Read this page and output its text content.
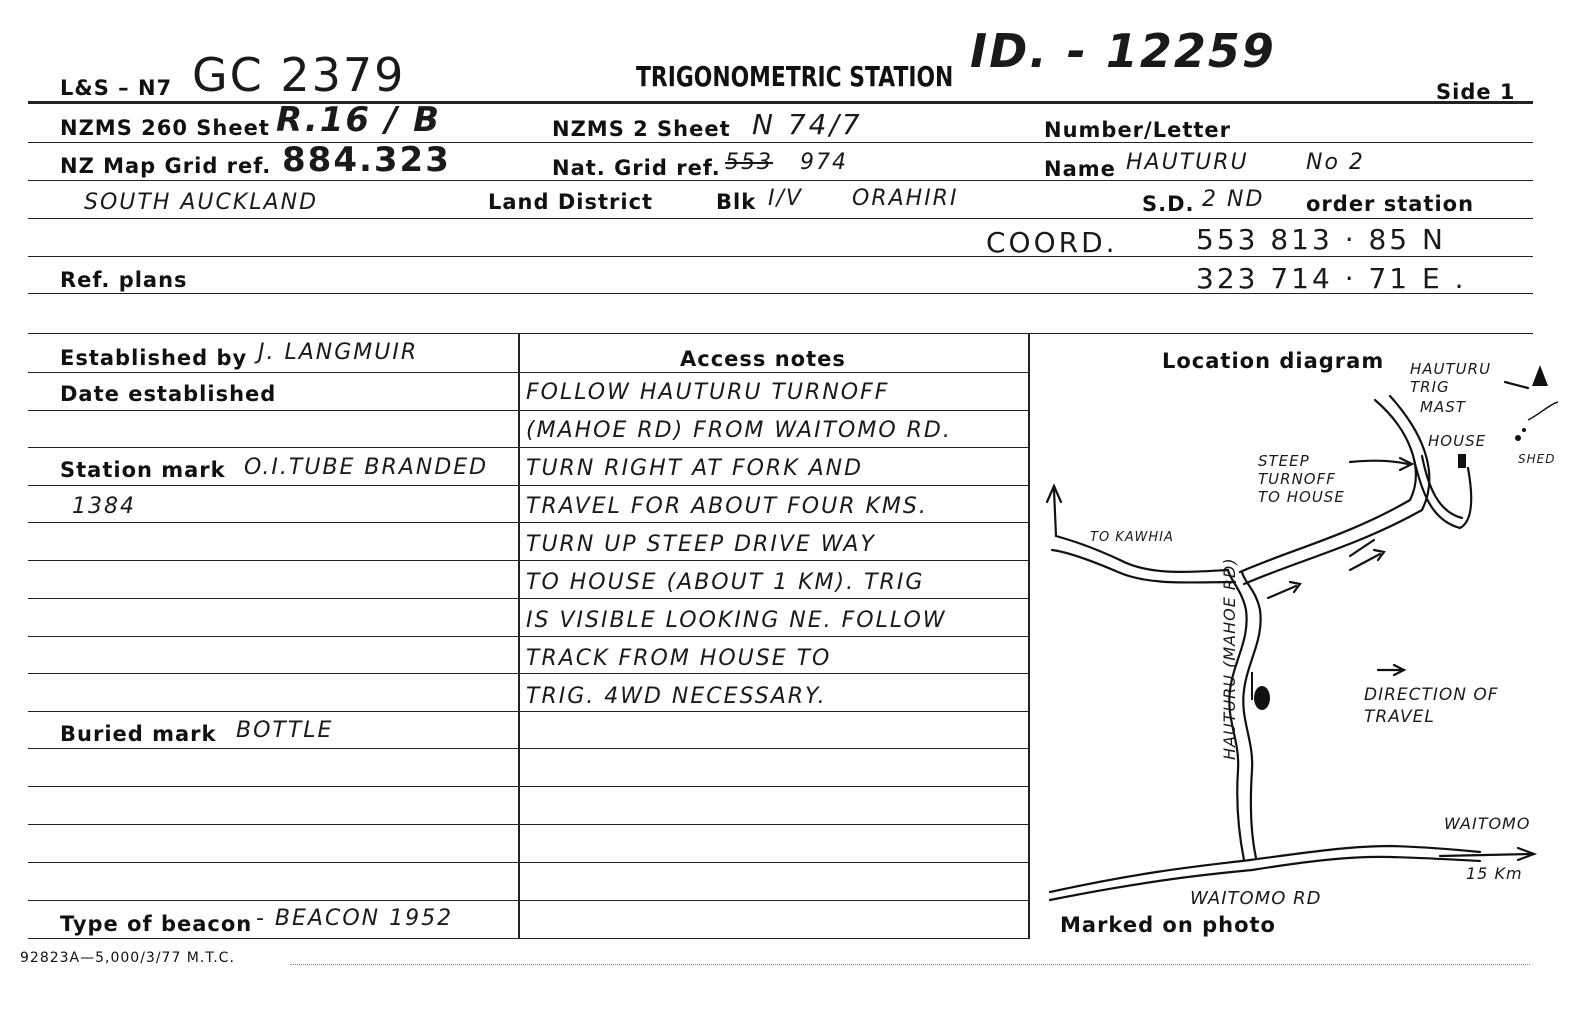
L&S – N7 GC 2379	TRIGONOMETRIC STATION ID. - 12259
Side 1
NZMS 260 Sheet R.16 / B	NZMS 2 Sheet N 74/7	Number/Letter
NZ Map Grid ref. 884.323	Nat. Grid ref. 553 974	Name HAUTURU	No 2
SOUTH AUCKLAND	Land District	Blk I/V ORAHIRI	S.D. 2 ND order station
COORD.	553 813 · 85 N
Ref. plans	323 714 · 71 E .
Established by J. LANGMUIR
Date established
Station mark O.I.TUBE BRANDED
1384
Buried mark BOTTLE
Type of beacon - BEACON 1952
Access notes
FOLLOW HAUTURU TURNOFF
(MAHOE RD) FROM WAITOMO RD.
TURN RIGHT AT FORK AND
TRAVEL FOR ABOUT FOUR KMS.
TURN UP STEEP DRIVE WAY
TO HOUSE (ABOUT 1 KM). TRIG
IS VISIBLE LOOKING NE. FOLLOW
TRACK FROM HOUSE TO
TRIG. 4WD NECESSARY.
Location diagram HAUTURU TRIG
MAST
HOUSE
SHED
STEEP TURNOFF TO HOUSE
TO KAWHIA
HAUTURU (MAHOE RD)	DIRECTION OF TRAVEL
WAITOMO
15 Km
WAITOMO RD
Marked on photo
92823A—5,000/3/77 M.T.C.
